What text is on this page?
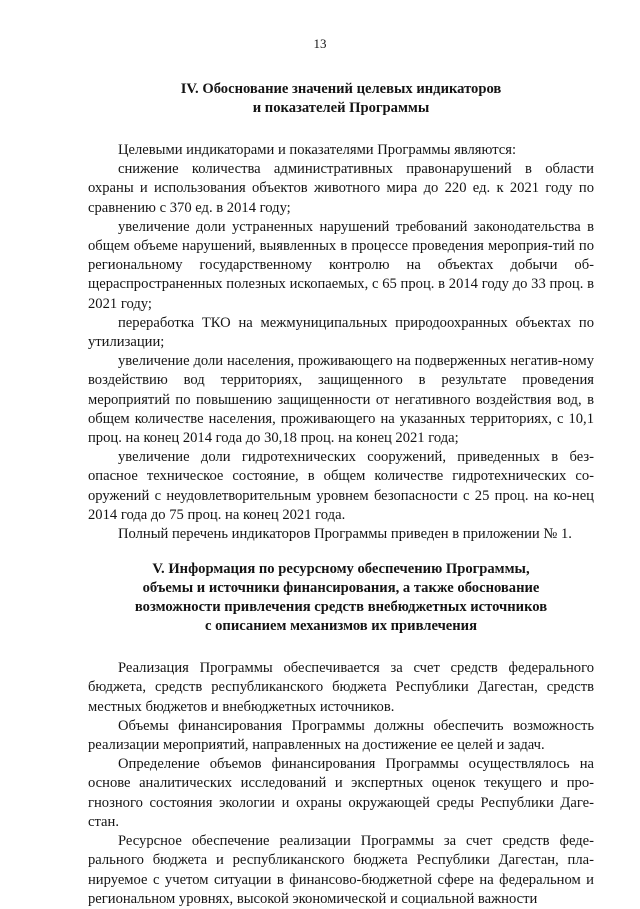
13
IV. Обоснование значений целевых индикаторов
и показателей Программы

Целевыми индикаторами и показателями Программы являются:

снижение количества административных правонарушений в области охраны и использования объектов животного мира до 220 ед. к 2021 году по сравнению с 370 ед. в 2014 году;

увеличение доли устраненных нарушений требований законодательства в общем объеме нарушений, выявленных в процессе проведения мероприя-тий по региональному государственному контролю на объектах добычи об-щераспространенных полезных ископаемых, с 65 проц. в 2014 году до 33 проц. в 2021 году;

переработка ТКО на межмуниципальных природоохранных объектах по утилизации;

увеличение доли населения, проживающего на подверженных негатив-ному воздействию вод территориях, защищенного в результате проведения мероприятий по повышению защищенности от негативного воздействия вод, в общем количестве населения, проживающего на указанных территориях, с 10,1 проц. на конец 2014 года до 30,18 проц. на конец 2021 года;

увеличение доли гидротехнических сооружений, приведенных в без-опасное техническое состояние, в общем количестве гидротехнических со-оружений с неудовлетворительным уровнем безопасности с 25 проц. на ко-нец 2014 года до 75 проц. на конец 2021 года.

Полный перечень индикаторов Программы приведен в приложении № 1.

V. Информация по ресурсному обеспечению Программы,
объемы и источники финансирования, а также обоснование
возможности привлечения средств внебюджетных источников
с описанием механизмов их привлечения

Реализация Программы обеспечивается за счет средств федерального бюджета, средств республиканского бюджета Республики Дагестан, средств местных бюджетов и внебюджетных источников.

Объемы финансирования Программы должны обеспечить возможность реализации мероприятий, направленных на достижение ее целей и задач.

Определение объемов финансирования Программы осуществлялось на основе аналитических исследований и экспертных оценок текущего и про-гнозного состояния экологии и охраны окружающей среды Республики Даге-стан.

Ресурсное обеспечение реализации Программы за счет средств феде-рального бюджета и республиканского бюджета Республики Дагестан, пла-нируемое с учетом ситуации в финансово-бюджетной сфере на федеральном и региональном уровнях, высокой экономической и социальной важности
